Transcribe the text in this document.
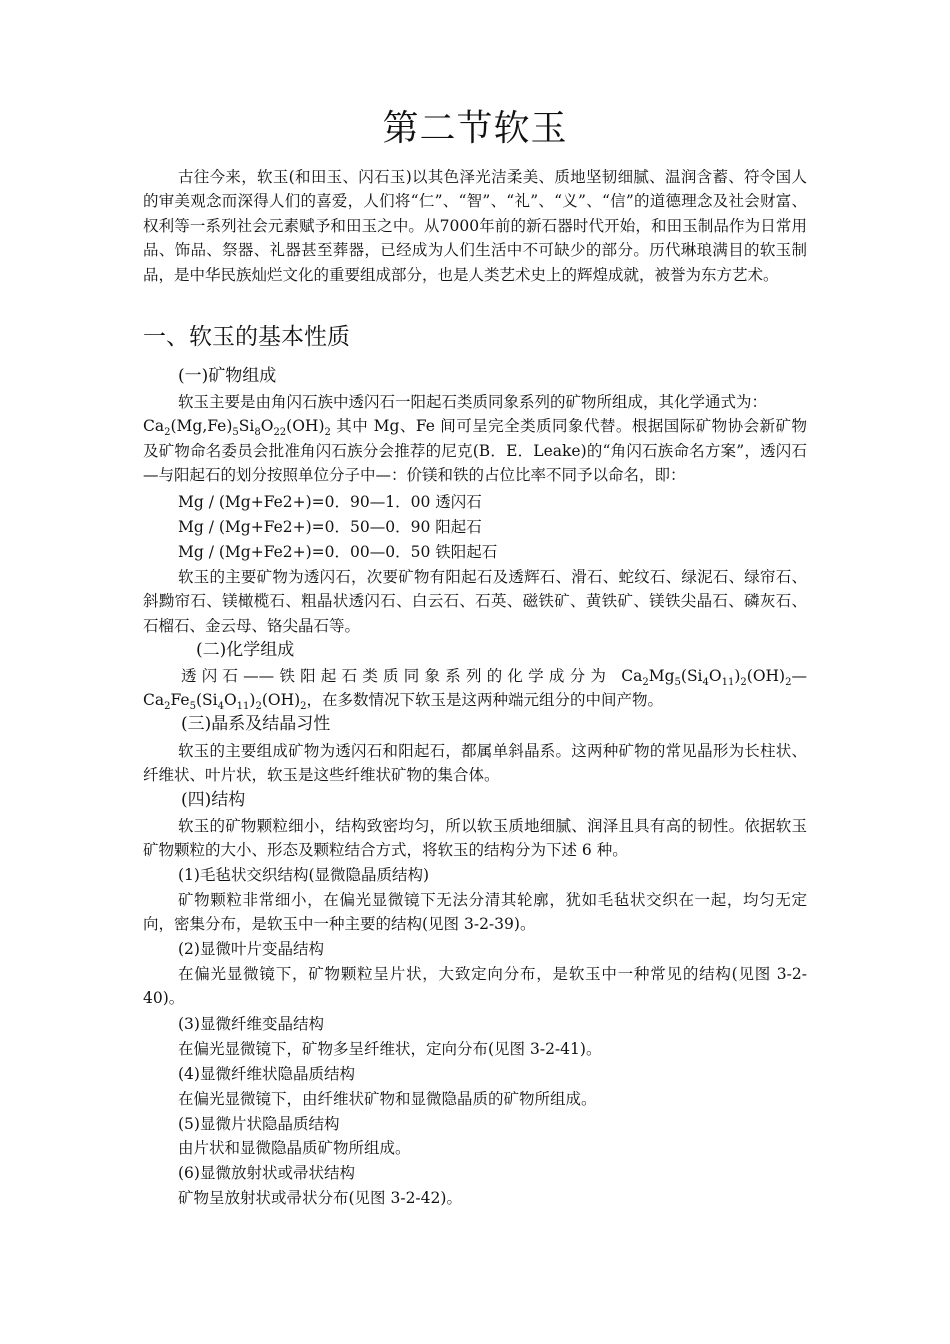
第二节软玉
古往今来，软玉(和田玉、闪石玉)以其色泽光洁柔美、质地坚韧细腻、温润含蓄、符令国人的审美观念而深得人们的喜爱，人们将“仁”、“智”、“礼”、“义”、“信”的道德理念及社会财富、权利等一系列社会元素赋予和田玉之中。从7000年前的新石器时代开始，和田玉制品作为日常用品、饰品、祭器、礼器甚至葬器，已经成为人们生活中不可缺少的部分。历代琳琅满目的软玉制品，是中华民族灿烂文化的重要组成部分，也是人类艺术史上的辉煌成就，被誉为东方艺术。
一、软玉的基本性质
(一)矿物组成
软玉主要是由角闪石族中透闪石一阳起石类质同象系列的矿物所组成，其化学通式为：
$Ca_2(Mg,Fe)_5Si_8O_{22}(OH)_2$ 其中 Mg、Fe 间可呈完全类质同象代替。根据国际矿物协会新矿物及矿物命名委员会批准角闪石族分会推荐的尼克(B．E．Leake)的“角闪石族命名方案”，透闪石—与阳起石的划分按照单位分子中—：价镁和铁的占位比率不同予以命名，即：
Mg / (Mg+Fe2+)=0．90—1．00 透闪石
Mg / (Mg+Fe2+)=0．50—0．90 阳起石
Mg / (Mg+Fe2+)=0．00—0．50 铁阳起石
软玉的主要矿物为透闪石，次要矿物有阳起石及透辉石、滑石、蛇纹石、绿泥石、绿帘石、斜黝帘石、镁橄榄石、粗晶状透闪石、白云石、石英、磁铁矿、黄铁矿、镁铁尖晶石、磷灰石、石榴石、金云母、铬尖晶石等。
(二)化学组成
透闪石——铁阳起石类质同象系列的化学成分为 $Ca_2Mg_5(Si_4O_{11})_2(OH)_2—$
$Ca_2Fe_5(Si_4O_{11})_2(OH)_2$，在多数情况下软玉是这两种端元组分的中间产物。
(三)晶系及结晶习性
软玉的主要组成矿物为透闪石和阳起石，都属单斜晶系。这两种矿物的常见晶形为长柱状、纤维状、叶片状，软玉是这些纤维状矿物的集合体。
(四)结构
软玉的矿物颗粒细小，结构致密均匀，所以软玉质地细腻、润泽且具有高的韧性。依据软玉矿物颗粒的大小、形态及颗粒结合方式，将软玉的结构分为下述 6 种。
(1)毛毡状交织结构(显微隐晶质结构)
矿物颗粒非常细小，在偏光显微镜下无法分清其轮廓，犹如毛毡状交织在一起，均匀无定向，密集分布，是软玉中一种主要的结构(见图 3-2-39)。
(2)显微叶片变晶结构
在偏光显微镜下，矿物颗粒呈片状，大致定向分布，是软玉中一种常见的结构(见图 3-2-40)。
(3)显微纤维变晶结构
在偏光显微镜下，矿物多呈纤维状，定向分布(见图 3-2-41)。
(4)显微纤维状隐晶质结构
在偏光显微镜下，由纤维状矿物和显微隐晶质的矿物所组成。
(5)显微片状隐晶质结构
由片状和显微隐晶质矿物所组成。
(6)显微放射状或帚状结构
矿物呈放射状或帚状分布(见图 3-2-42)。
